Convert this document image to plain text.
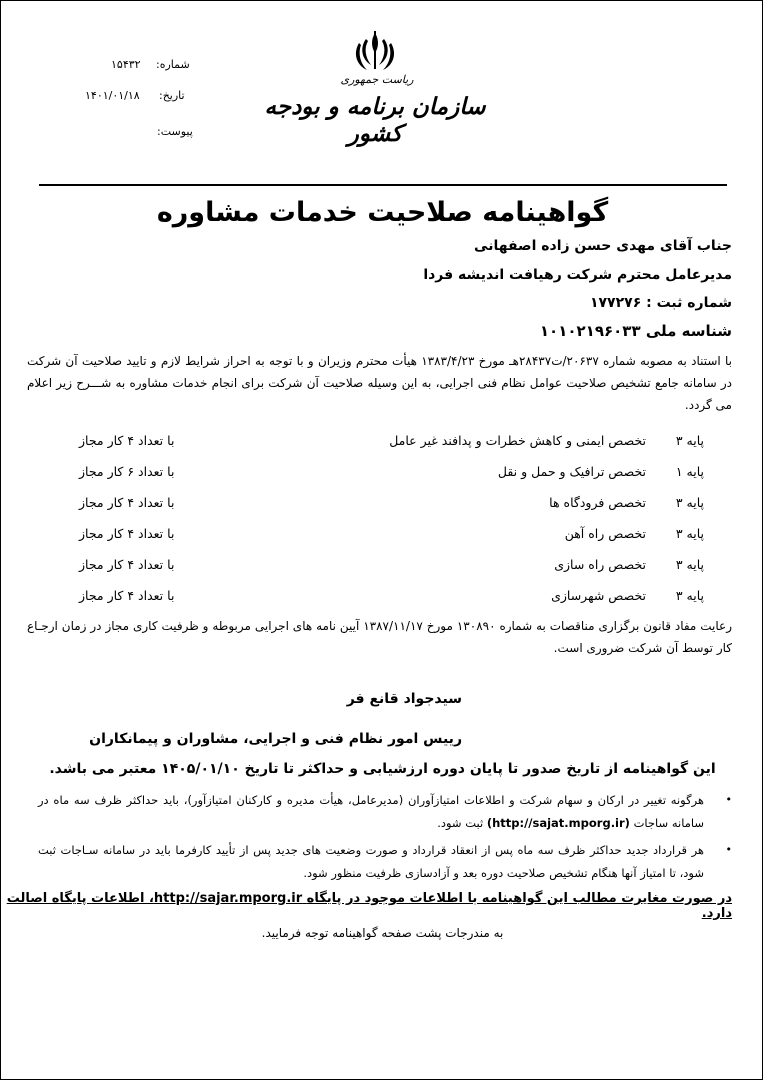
شماره:
۱۵۴۳۲
تاریخ:
۱۴۰۱/۰۱/۱۸
پیوست:
ریاست جمهوری
سازمان برنامه و بودجه کشور
گواهینامه صلاحیت خدمات مشاوره
جناب آقای مهدی حسن زاده اصفهانی
مدیرعامل محترم شرکت رهیافت اندیشه فردا
شماره ثبت : ۱۷۷۲۷۶
شناسه ملی ۱۰۱۰۲۱۹۶۰۳۳
با استناد به مصوبه شماره ۲۰۶۳۷/ت۲۸۴۳۷هـ مورخ ۱۳۸۳/۴/۲۳ هیأت محترم وزیران و با توجه به احراز شرایط لازم و تایید صلاحیت آن شرکت در سامانه جامع تشخیص صلاحیت عوامل نظام فنی اجرایی، به این وسیله صلاحیت آن شرکت برای انجام خدمات مشاوره به شـــرح زیر اعلام می گردد.
پایه ۳
تخصص ایمنی و کاهش خطرات و پدافند غیر عامل
با تعداد ۴ کار مجاز
پایه ۱
تخصص ترافیک و حمل و نقل
با تعداد ۶ کار مجاز
پایه ۳
تخصص فرودگاه ها
با تعداد ۴ کار مجاز
پایه ۳
تخصص راه آهن
با تعداد ۴ کار مجاز
پایه ۳
تخصص راه سازی
با تعداد ۴ کار مجاز
پایه ۳
تخصص شهرسازی
با تعداد ۴ کار مجاز
رعایت مفاد قانون برگزاری مناقصات به شماره ۱۳۰۸۹۰ مورخ ۱۳۸۷/۱۱/۱۷ آیین نامه های اجرایی مربوطه و ظرفیت کاری مجاز در زمان ارجـاع کار توسط آن شرکت ضروری است.
سیدجواد قانع فر
رییس امور نظام فنی و اجرایی، مشاوران و پیمانکاران
این گواهینامه از تاریخ صدور تا پایان دوره ارزشیابی و حداکثر تا تاریخ ۱۴۰۵/۰۱/۱۰ معتبر می باشد.
•
هرگونه تغییر در ارکان و سهام شرکت و اطلاعات امتیازآوران (مدیرعامل، هیأت مدیره و کارکنان امتیازآور)، باید حداکثر ظرف سه ماه در سامانه ساجات (http://sajat.mporg.ir) ثبت شود.
•
هر قرارداد جدید حداکثر ظرف سه ماه پس از انعقاد قرارداد و صورت وضعیت های جدید پس از تأیید کارفرما باید در سامانه سـاجات ثبت شود، تا امتیاز آنها هنگام تشخیص صلاحیت دوره بعد و آزادسازی ظرفیت منظور شود.
در صورت مغایرت مطالب این گواهینامه با اطلاعات موجود در پایگاه http://sajar.mporg.ir، اطلاعات پایگاه اصالت دارد.
به مندرجات پشت صفحه گواهینامه توجه فرمایید.
